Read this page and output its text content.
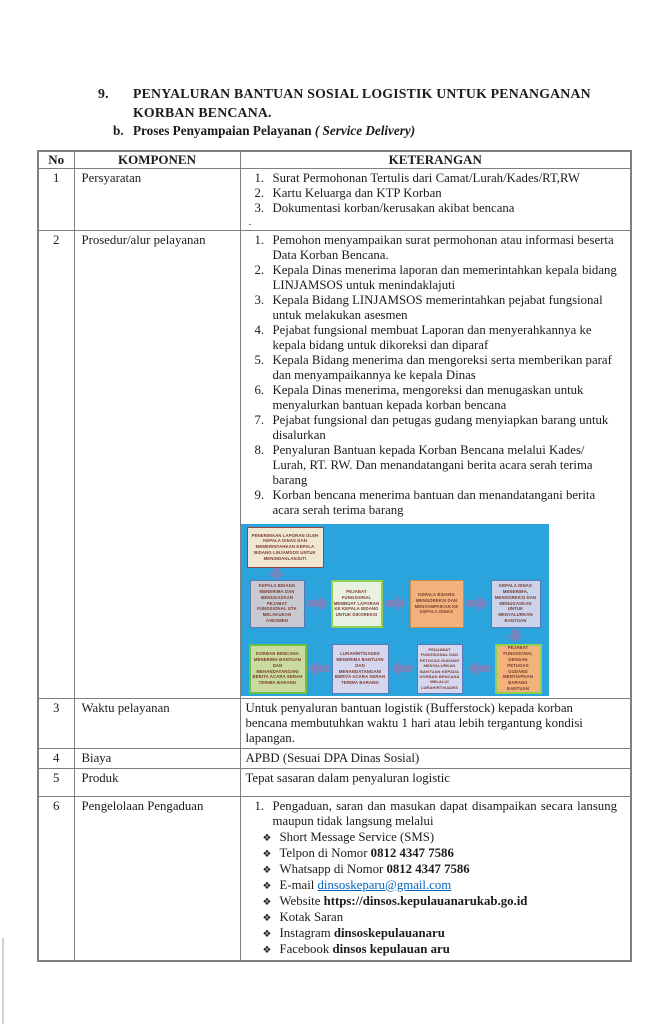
9.	PENYALURAN BANTUAN SOSIAL LOGISTIK UNTUK PENANGANAN
KORBAN BENCANA.
b. Proses Penyampaian Pelayanan ( Service Delivery)
No	KOMPONEN	KETERANGAN
1	Persyaratan	Surat Permohonan Tertulis dari Camat/Lurah/Kades/RT,RW
Kartu Keluarga dan KTP Korban
Dokumentasi korban/kerusakan akibat bencana
.

2	Prosedur/alur pelayanan	Pemohon menyampaikan surat permohonan atau informasi beserta Data Korban Bencana.
Kepala Dinas menerima laporan dan memerintahkan kepala bidang LINJAMSOS untuk menindaklajuti
Kepala Bidang LINJAMSOS memerintahkan pejabat fungsional untuk melakukan asesmen
Pejabat fungsional membuat Laporan dan menyerahkannya ke kepala bidang untuk dikoreksi dan diparaf
Kepala Bidang menerima dan mengoreksi serta memberikan paraf dan menyampaikannya ke kepala Dinas
Kepala Dinas menerima, mengoreksi dan menugaskan untuk menyalurkan bantuan kepada korban bencana
Pejabat fungsional dan petugas gudang menyiapkan barang untuk disalurkan
Penyaluran Bantuan kepada Korban Bencana melalui Kades/ Lurah, RT. RW. Dan menandatangani berita acara serah terima barang
Korban bencana menerima bantuan dan menandatangani berita acara serah terima barang
PENERIMAAN LAPORAN OLEH KEPALA DINAS DAN MEMERINTAHKAN KEPALA BIDANG LINJAMSOS UNTUK MENINDAKLANJUTI
KEPALA BIDANG MENERIMA DAN MENUGASKAN PEJABAT FUNGSIONAL UTK MELAKUKAN ASESMEN
PEJABAT FUNGSIONAL MEMBUAT LAPORAN KE KEPALA BIDANG UNTUK DIKOREKSI
KEPALA BIDANG MENGOREKSI DAN MENYAMPAIKAN KE KEPALA DINAS
KEPALA DINAS MENERIMA, MENGOREKSI DAN MENUGASKAN UNTUK MENYALURKAN BANTUAN
PEJABAT FUNGSIONAL DENGAN PETUGAS GUDANG MENYIAPKAN BARANG BANTUAN
PENJABAT FUNGSIONAL DAN PETUGAS GUDANG MENYALURKAN BANTUAN KEPADA KORBAN BENCANA MELALUI LURAH/RT/KADES
LURAH/RT/KADES MENERIMA BANTUAN DAN MENANDATANGANI BERITA ACARA SERAH TERIMA BARANG
KORBAN BENCANA MENERIMA BANTUAN DAN MENANDATANGANI BERITA ACARA SERAH TERIMA BARANG

3	Waktu pelayanan	Untuk penyaluran bantuan logistik (Bufferstock) kepada korban bencana membutuhkan waktu 1 hari atau lebih tergantung kondisi lapangan.

4	Biaya	APBD (Sesuai DPA Dinas Sosial)

5	Produk	Tepat sasaran dalam penyaluran logistic

6	Pengelolaan Pengaduan	Pengaduan, saran dan masukan dapat disampaikan secara lansung maupun tidak langsung melalui
❖ Short Message Service (SMS)
❖ Telpon di Nomor 0812 4347 7586
❖ Whatsapp di Nomor 0812 4347 7586
❖ E-mail dinsoskeparu@gmail.com
❖ Website https://dinsos.kepulauanarukab.go.id
❖ Kotak Saran
❖ Instagram dinsoskepulauanaru
❖ Facebook dinsos kepulauan aru
